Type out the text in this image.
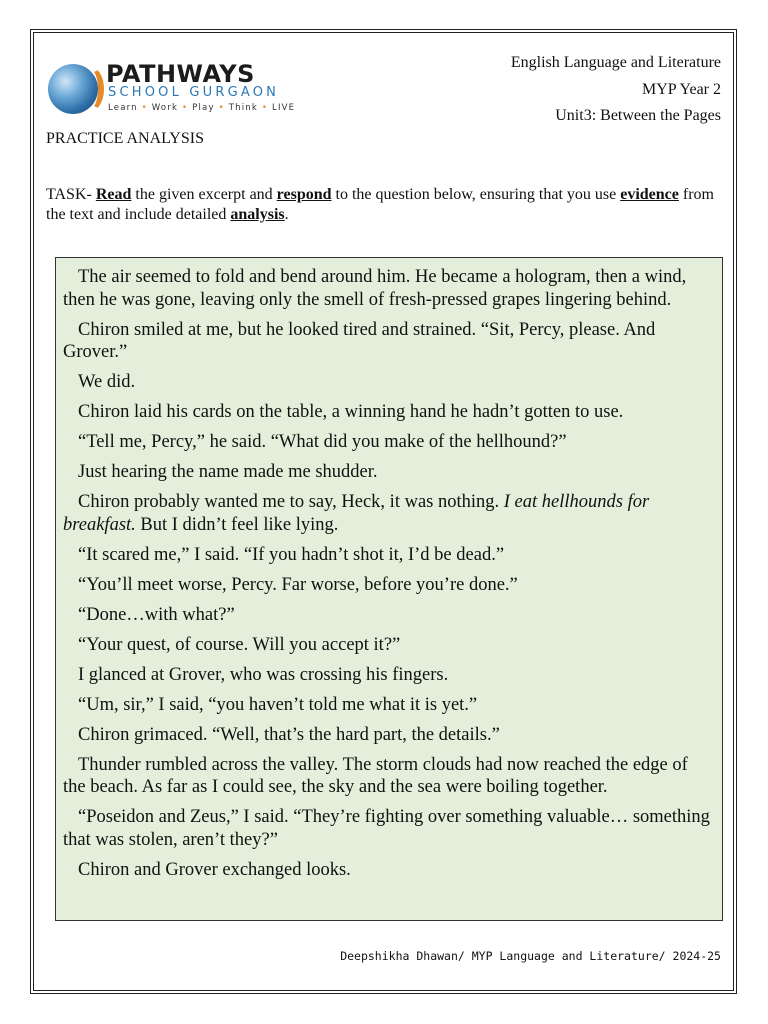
PATHWAYS
SCHOOL GURGAON
Learn • Work • Play • Think • LIVE
English Language and Literature
MYP Year 2
Unit3: Between the Pages
PRACTICE ANALYSIS
TASK- Read the given excerpt and respond to the question below, ensuring that you use evidence from the text and include detailed analysis.

The air seemed to fold and bend around him. He became a hologram, then a wind, then he was gone, leaving only the smell of fresh-pressed grapes lingering behind.

Chiron smiled at me, but he looked tired and strained. “Sit, Percy, please. And Grover.”

We did.

Chiron laid his cards on the table, a winning hand he hadn’t gotten to use.

“Tell me, Percy,” he said. “What did you make of the hellhound?”

Just hearing the name made me shudder.

Chiron probably wanted me to say, Heck, it was nothing. I eat hellhounds for breakfast. But I didn’t feel like lying.

“It scared me,” I said. “If you hadn’t shot it, I’d be dead.”

“You’ll meet worse, Percy. Far worse, before you’re done.”

“Done…with what?”

“Your quest, of course. Will you accept it?”

I glanced at Grover, who was crossing his fingers.

“Um, sir,” I said, “you haven’t told me what it is yet.”

Chiron grimaced. “Well, that’s the hard part, the details.”

Thunder rumbled across the valley. The storm clouds had now reached the edge of the beach. As far as I could see, the sky and the sea were boiling together.

“Poseidon and Zeus,” I said. “They’re fighting over something valuable… something that was stolen, aren’t they?”

Chiron and Grover exchanged looks.

Deepshikha Dhawan/ MYP Language and Literature/ 2024-25
